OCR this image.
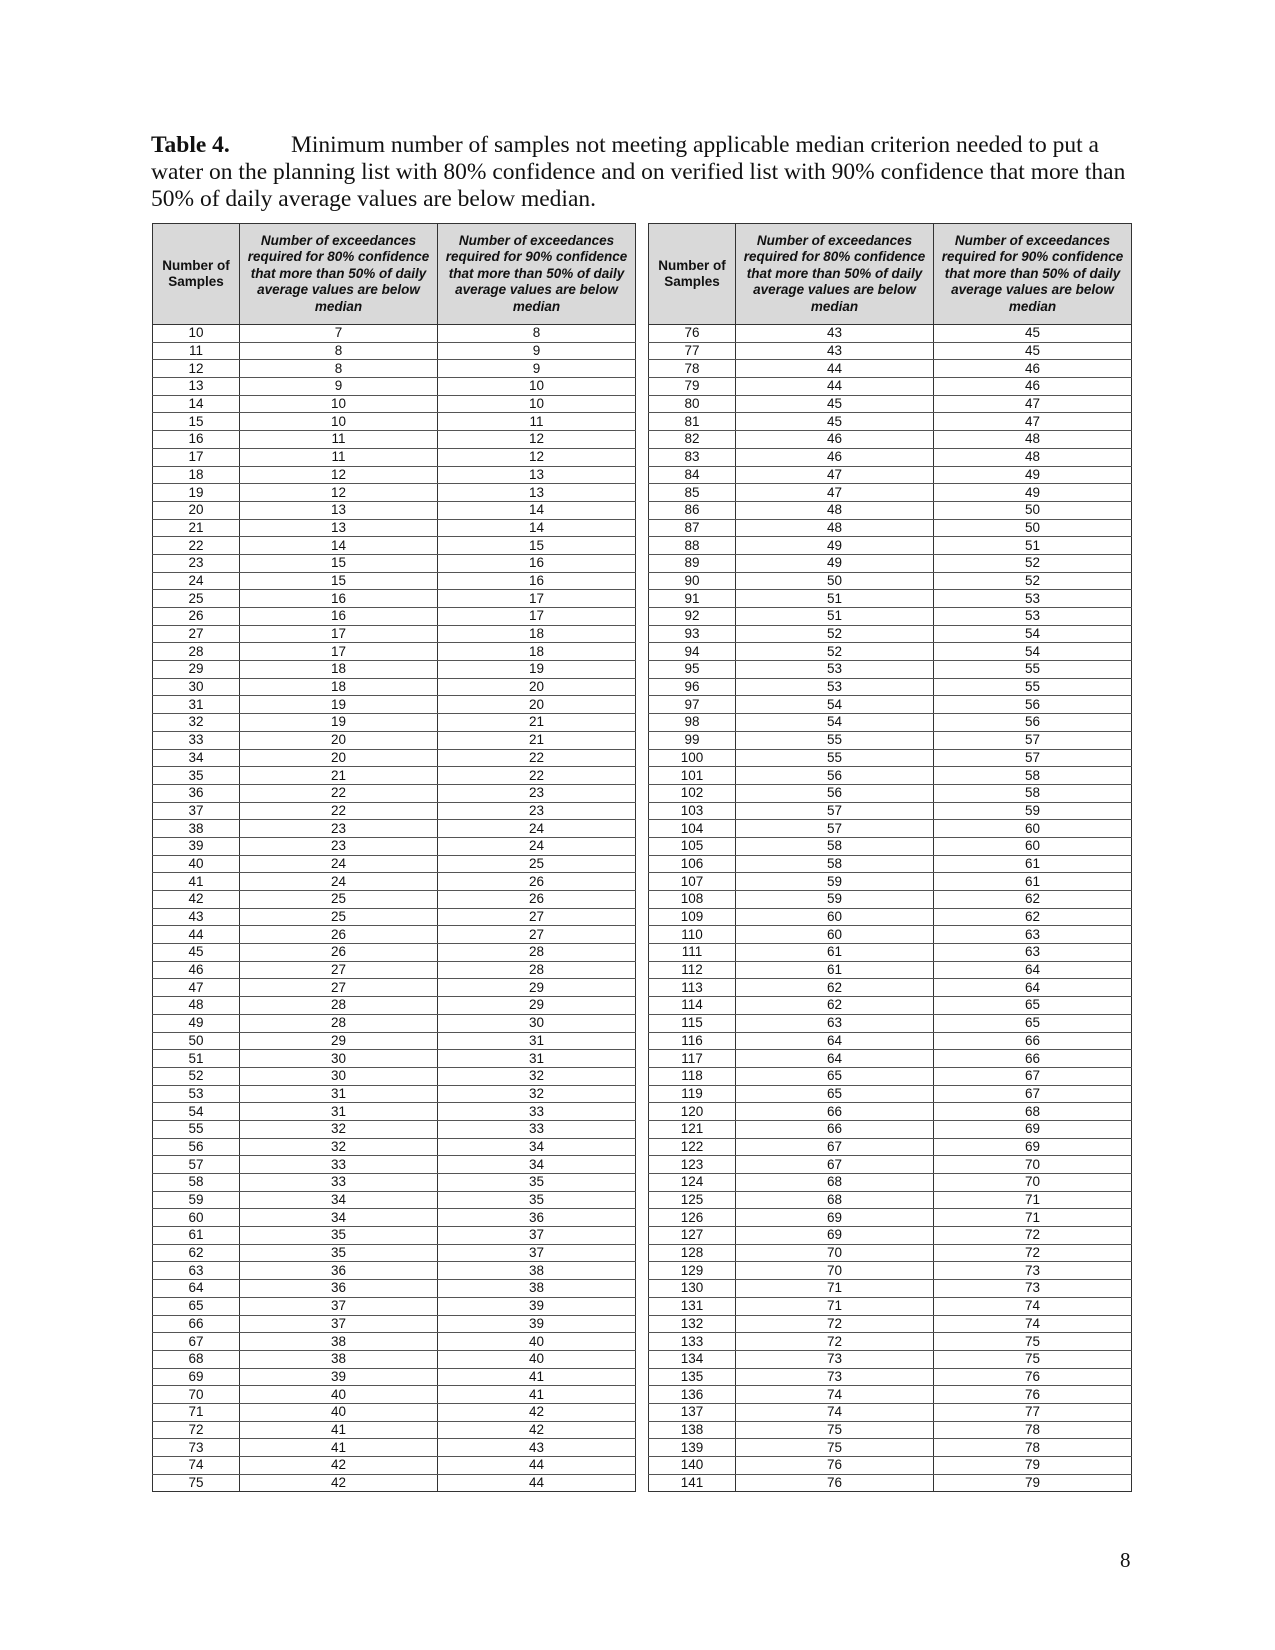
Table 4.	Minimum number of samples not meeting applicable median criterion needed to put a water on the planning list with 80% confidence and on verified list with 90% confidence that more than 50% of daily average values are below median.
Number of Samples	Number of exceedances required for 80% confidence that more than 50% of daily average values are below median	Number of exceedances required for 90% confidence that more than 50% of daily average values are below median
10	7	8
11	8	9
12	8	9
13	9	10
14	10	10
15	10	11
16	11	12
17	11	12
18	12	13
19	12	13
20	13	14
21	13	14
22	14	15
23	15	16
24	15	16
25	16	17
26	16	17
27	17	18
28	17	18
29	18	19
30	18	20
31	19	20
32	19	21
33	20	21
34	20	22
35	21	22
36	22	23
37	22	23
38	23	24
39	23	24
40	24	25
41	24	26
42	25	26
43	25	27
44	26	27
45	26	28
46	27	28
47	27	29
48	28	29
49	28	30
50	29	31
51	30	31
52	30	32
53	31	32
54	31	33
55	32	33
56	32	34
57	33	34
58	33	35
59	34	35
60	34	36
61	35	37
62	35	37
63	36	38
64	36	38
65	37	39
66	37	39
67	38	40
68	38	40
69	39	41
70	40	41
71	40	42
72	41	42
73	41	43
74	42	44
75	42	44
Number of Samples	Number of exceedances required for 80% confidence that more than 50% of daily average values are below median	Number of exceedances required for 90% confidence that more than 50% of daily average values are below median
76	43	45
77	43	45
78	44	46
79	44	46
80	45	47
81	45	47
82	46	48
83	46	48
84	47	49
85	47	49
86	48	50
87	48	50
88	49	51
89	49	52
90	50	52
91	51	53
92	51	53
93	52	54
94	52	54
95	53	55
96	53	55
97	54	56
98	54	56
99	55	57
100	55	57
101	56	58
102	56	58
103	57	59
104	57	60
105	58	60
106	58	61
107	59	61
108	59	62
109	60	62
110	60	63
111	61	63
112	61	64
113	62	64
114	62	65
115	63	65
116	64	66
117	64	66
118	65	67
119	65	67
120	66	68
121	66	69
122	67	69
123	67	70
124	68	70
125	68	71
126	69	71
127	69	72
128	70	72
129	70	73
130	71	73
131	71	74
132	72	74
133	72	75
134	73	75
135	73	76
136	74	76
137	74	77
138	75	78
139	75	78
140	76	79
141	76	79
8
